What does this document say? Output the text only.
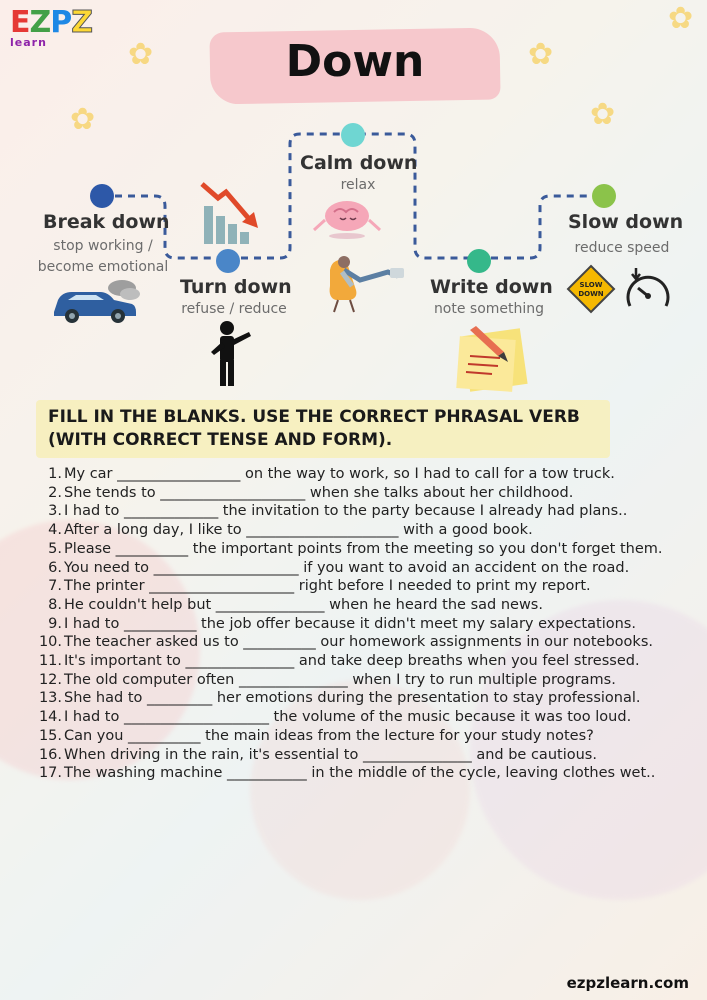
EZPZ
learn	✿	✿
✿	✿
✿
Down
Break down
stop working /
become emotional
Turn down
refuse / reduce
Calm down
relax
Write down
note something
Slow down
reduce speed
SLOW
DOWN
FILL IN THE BLANKS. USE THE CORRECT PHRASAL VERB (WITH CORRECT TENSE AND FORM).
1. My car _________________ on the way to work, so I had to call for a tow truck.
2. She tends to ____________________ when she talks about her childhood.
3. I had to _____________ the invitation to the party because I already had plans..
4. After a long day, I like to _____________________ with a good book.
5. Please __________ the important points from the meeting so you don't forget them.
6. You need to ____________________ if you want to avoid an accident on the road.
7. The printer ____________________ right before I needed to print my report.
8. He couldn't help but _______________ when he heard the sad news.
9. I had to __________ the job offer because it didn't meet my salary expectations.
10. The teacher asked us to __________ our homework assignments in our notebooks.
11. It's important to _______________ and take deep breaths when you feel stressed.
12. The old computer often _______________ when I try to run multiple programs.
13. She had to _________ her emotions during the presentation to stay professional.
14. I had to ____________________ the volume of the music because it was too loud.
15. Can you __________ the main ideas from the lecture for your study notes?
16. When driving in the rain, it's essential to _______________ and be cautious.
17. The washing machine ___________ in the middle of the cycle, leaving clothes wet..
ezpzlearn.com
